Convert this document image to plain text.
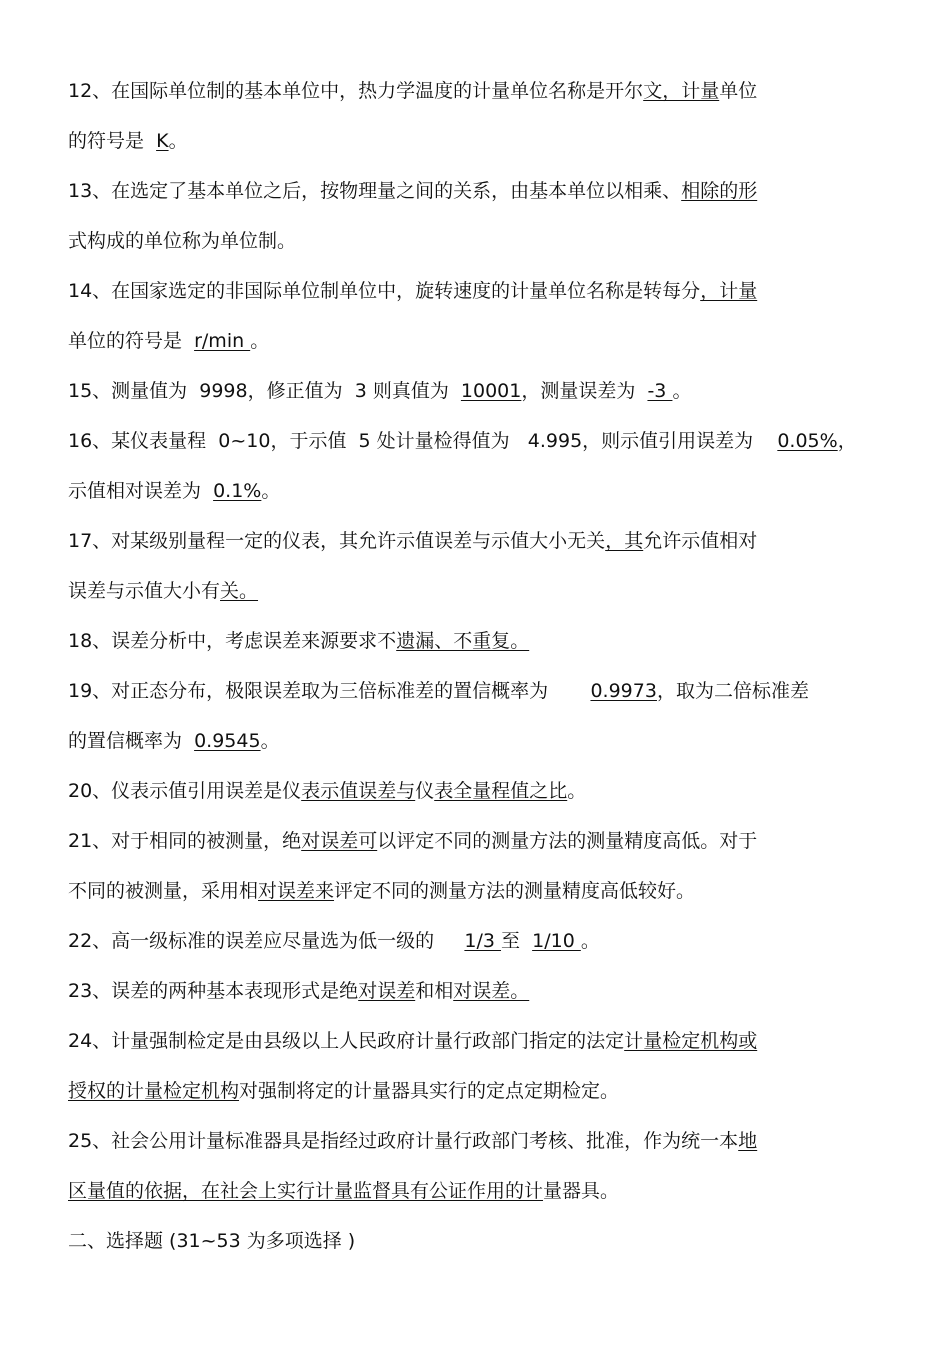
12、在国际单位制的基本单位中，热力学温度的计量单位名称是开尔文，计量单位
的符号是  K。
13、在选定了基本单位之后，按物理量之间的关系，由基本单位以相乘、相除的形
式构成的单位称为单位制。
14、在国家选定的非国际单位制单位中，旋转速度的计量单位名称是转每分，计量
单位的符号是  r/min 。
15、测量值为  9998，修正值为  3 则真值为  10001，测量误差为  -3 。
16、某仪表量程  0~10，于示值  5 处计量检得值为   4.995，则示值引用误差为    0.05%，
示值相对误差为  0.1%。
17、对某级别量程一定的仪表，其允许示值误差与示值大小无关，其允许示值相对
误差与示值大小有关。
18、误差分析中，考虑误差来源要求不遗漏、不重复。
19、对正态分布，极限误差取为三倍标准差的置信概率为       0.9973，取为二倍标准差
的置信概率为  0.9545。
20、仪表示值引用误差是仪表示值误差与仪表全量程值之比。
21、对于相同的被测量，绝对误差可以评定不同的测量方法的测量精度高低。对于
不同的被测量，采用相对误差来评定不同的测量方法的测量精度高低较好。
22、高一级标准的误差应尽量选为低一级的     1/3 至  1/10 。
23、误差的两种基本表现形式是绝对误差和相对误差。
24、计量强制检定是由县级以上人民政府计量行政部门指定的法定计量检定机构或
授权的计量检定机构对强制将定的计量器具实行的定点定期检定。
25、社会公用计量标准器具是指经过政府计量行政部门考核、批准，作为统一本地
区量值的依据，在社会上实行计量监督具有公证作用的计量器具。
二、选择题 (31~53 为多项选择 )
